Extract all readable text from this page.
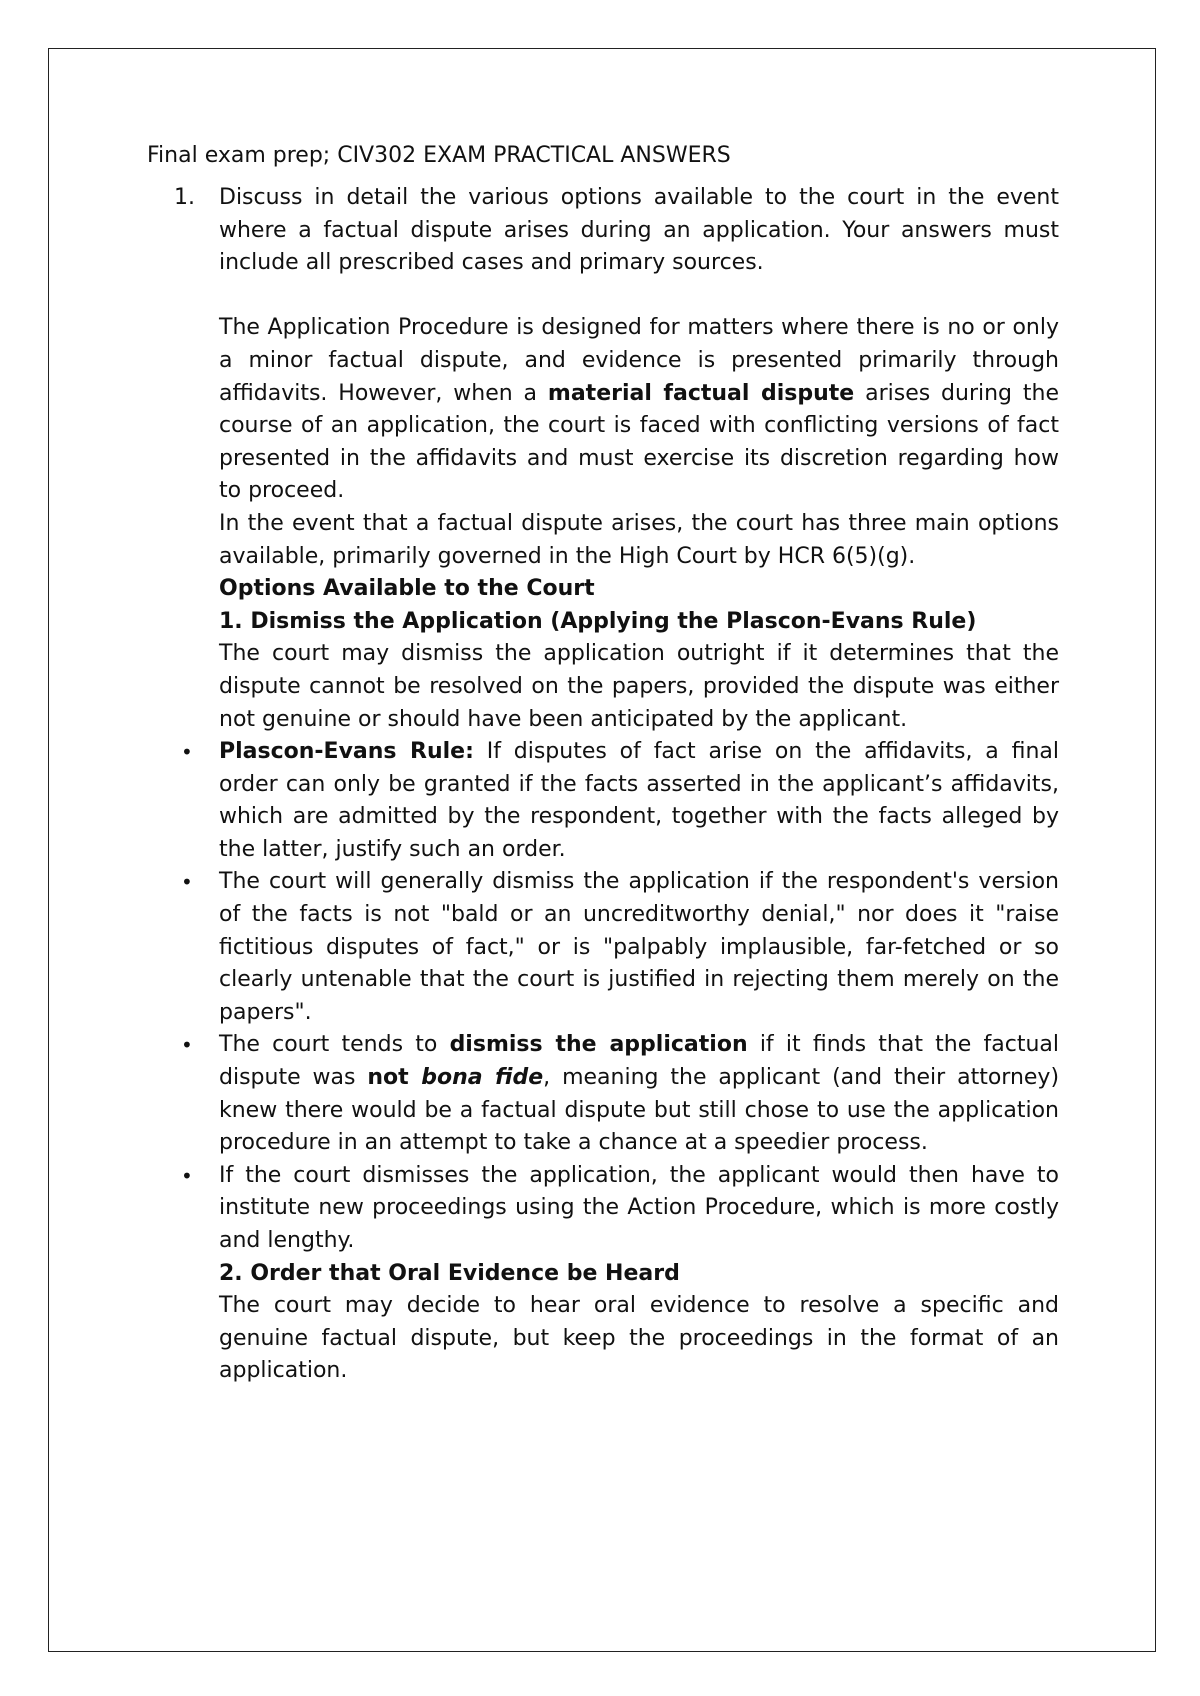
Final exam prep; CIV302 EXAM PRACTICAL ANSWERS
1. Discuss in detail the various options available to the court in the event where a factual dispute arises during an application. Your answers must include all prescribed cases and primary sources.

The Application Procedure is designed for matters where there is no or only a minor factual dispute, and evidence is presented primarily through affidavits. However, when a material factual dispute arises during the course of an application, the court is faced with conflicting versions of fact presented in the affidavits and must exercise its discretion regarding how to proceed.

In the event that a factual dispute arises, the court has three main options available, primarily governed in the High Court by HCR 6(5)(g).

Options Available to the Court

1. Dismiss the Application (Applying the Plascon-Evans Rule)

The court may dismiss the application outright if it determines that the dispute cannot be resolved on the papers, provided the dispute was either not genuine or should have been anticipated by the applicant.

• Plascon-Evans Rule: If disputes of fact arise on the affidavits, a final order can only be granted if the facts asserted in the applicant’s affidavits, which are admitted by the respondent, together with the facts alleged by the latter, justify such an order.

• The court will generally dismiss the application if the respondent's version of the facts is not "bald or an uncreditworthy denial," nor does it "raise fictitious disputes of fact," or is "palpably implausible, far-fetched or so clearly untenable that the court is justified in rejecting them merely on the papers".

• The court tends to dismiss the application if it finds that the factual dispute was not bona fide, meaning the applicant (and their attorney) knew there would be a factual dispute but still chose to use the application procedure in an attempt to take a chance at a speedier process.

• If the court dismisses the application, the applicant would then have to institute new proceedings using the Action Procedure, which is more costly and lengthy.

2. Order that Oral Evidence be Heard

The court may decide to hear oral evidence to resolve a specific and genuine factual dispute, but keep the proceedings in the format of an application.
